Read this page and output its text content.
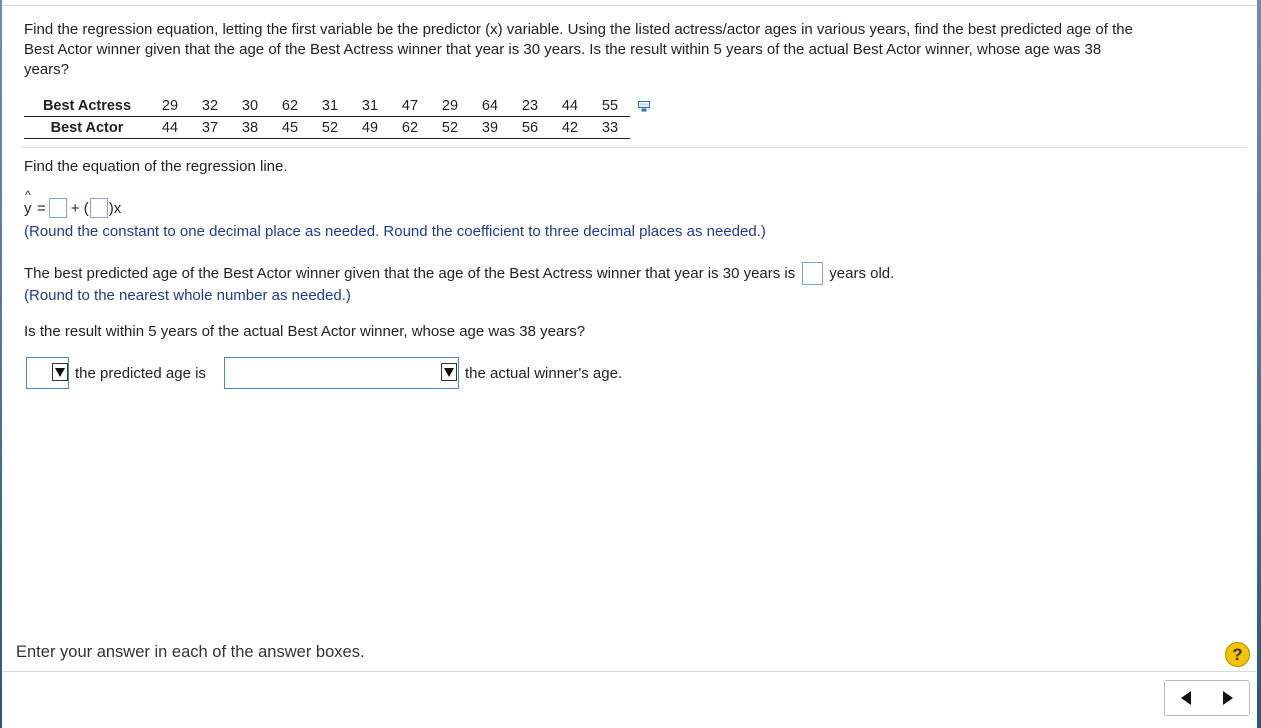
Find the regression equation, letting the first variable be the predictor (x) variable. Using the listed actress/actor ages in various years, find the best predicted age of the
Best Actor winner given that the age of the Best Actress winner that year is 30 years. Is the result within 5 years of the actual Best Actor winner, whose age was 38
years?
Best Actress	29	32	30	62	31	31	47	29	64	23	44	55
Best Actor	44	37	38	45	52	49	62	52	39	56	42	33
Find the equation of the regression line.
^
y = + ( )x
(Round the constant to one decimal place as needed. Round the coefficient to three decimal places as needed.)
The best predicted age of the Best Actor winner given that the age of the Best Actress winner that year is 30 years is years old.
(Round to the nearest whole number as needed.)
Is the result within 5 years of the actual Best Actor winner, whose age was 38 years?
the predicted age is	the actual winner's age.
Enter your answer in each of the answer boxes.	?
